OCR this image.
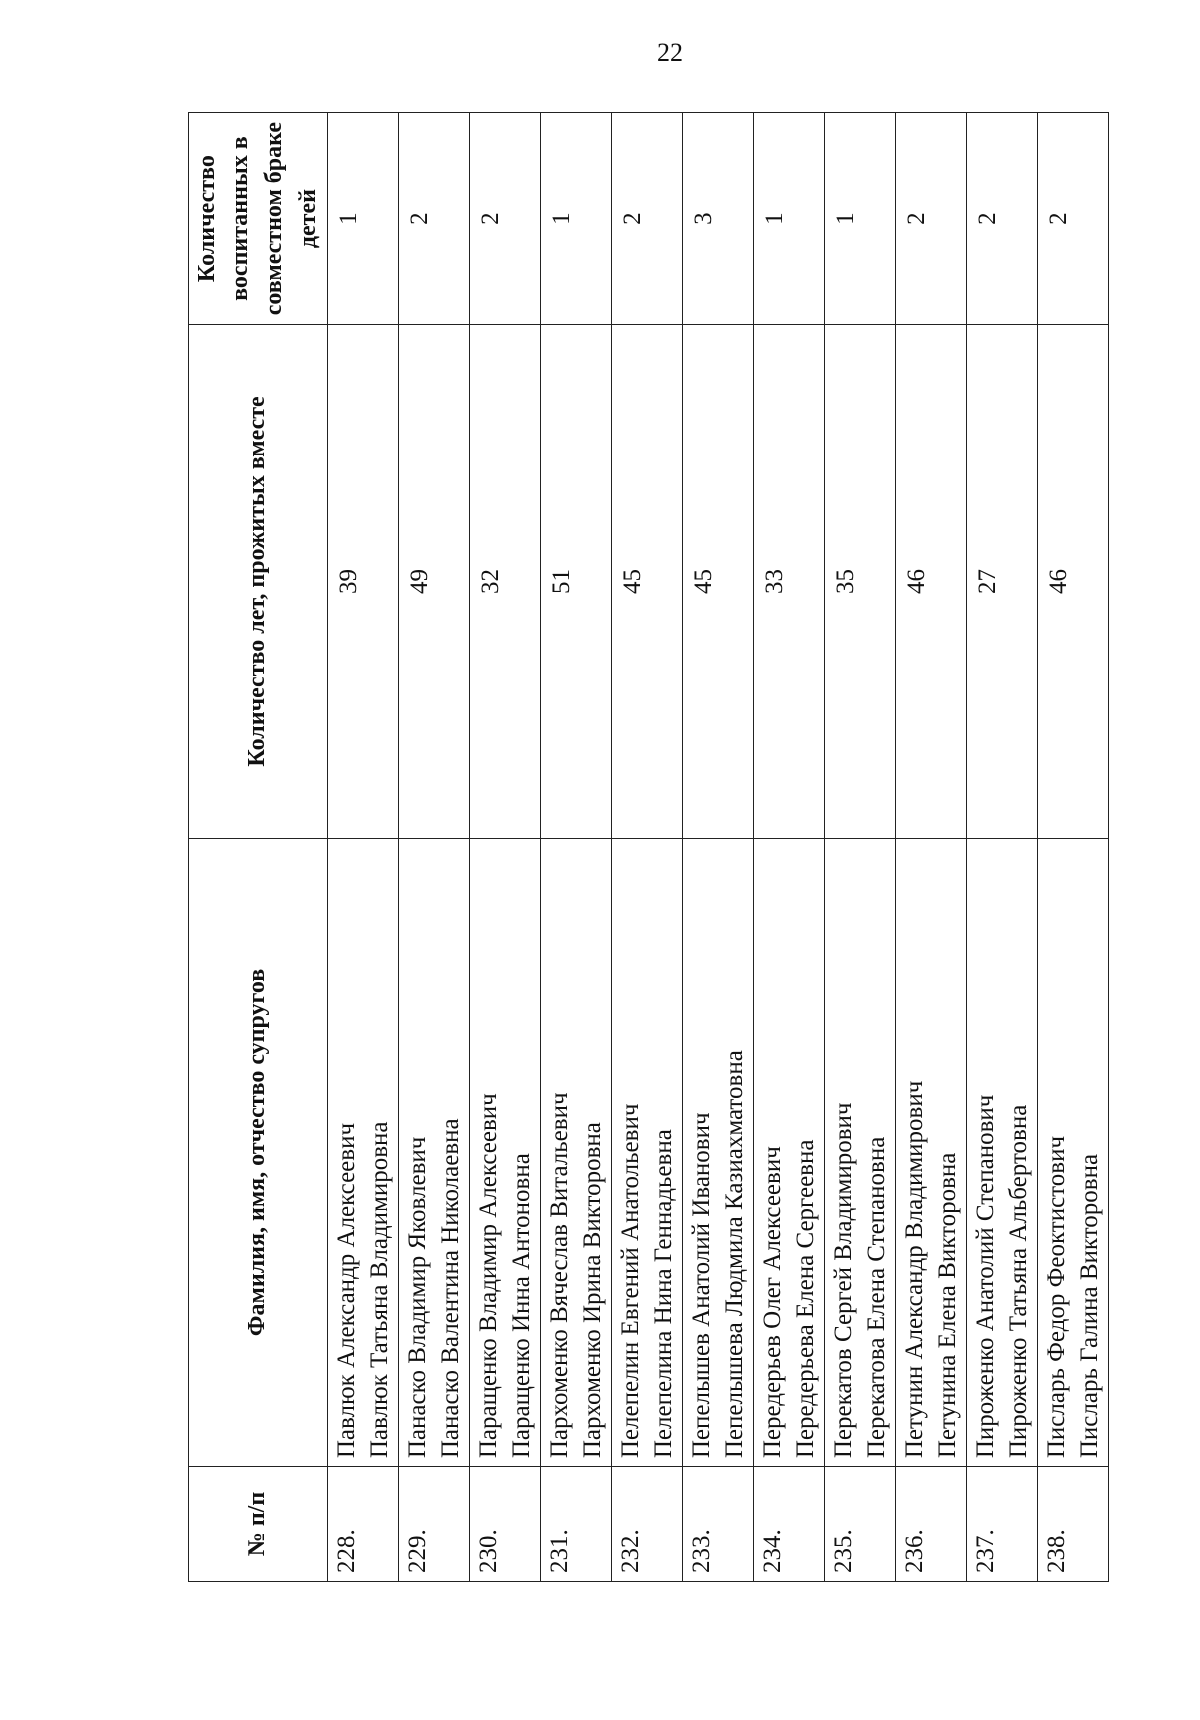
22
№ п/п	Фамилия, имя, отчество супругов	Количество лет, прожитых вместе	Количество воспитанных в совместном браке детей
228.	Павлюк Александр Алексеевич Павлюк Татьяна Владимировна	39	1
229.	Панаско Владимир Яковлевич Панаско Валентина Николаевна	49	2
230.	Паращенко Владимир Алексеевич Паращенко Инна Антоновна	32	2
231.	Пархоменко Вячеслав Витальевич Пархоменко Ирина Викторовна	51	1
232.	Пелепелин Евгений Анатольевич Пелепелина Нина Геннадьевна	45	2
233.	Пепелышев Анатолий Иванович Пепелышева Людмила Казиахматовна	45	3
234.	Передерьев Олег Алексеевич Передерьева Елена Сергеевна	33	1
235.	Перекатов Сергей Владимирович Перекатова Елена Степановна	35	1
236.	Петунин Александр Владимирович Петунина Елена Викторовна	46	2
237.	Пироженко Анатолий Степанович Пироженко Татьяна Альбертовна	27	2
238.	Писларь Федор Феоктистович Писларь Галина Викторовна	46	2
